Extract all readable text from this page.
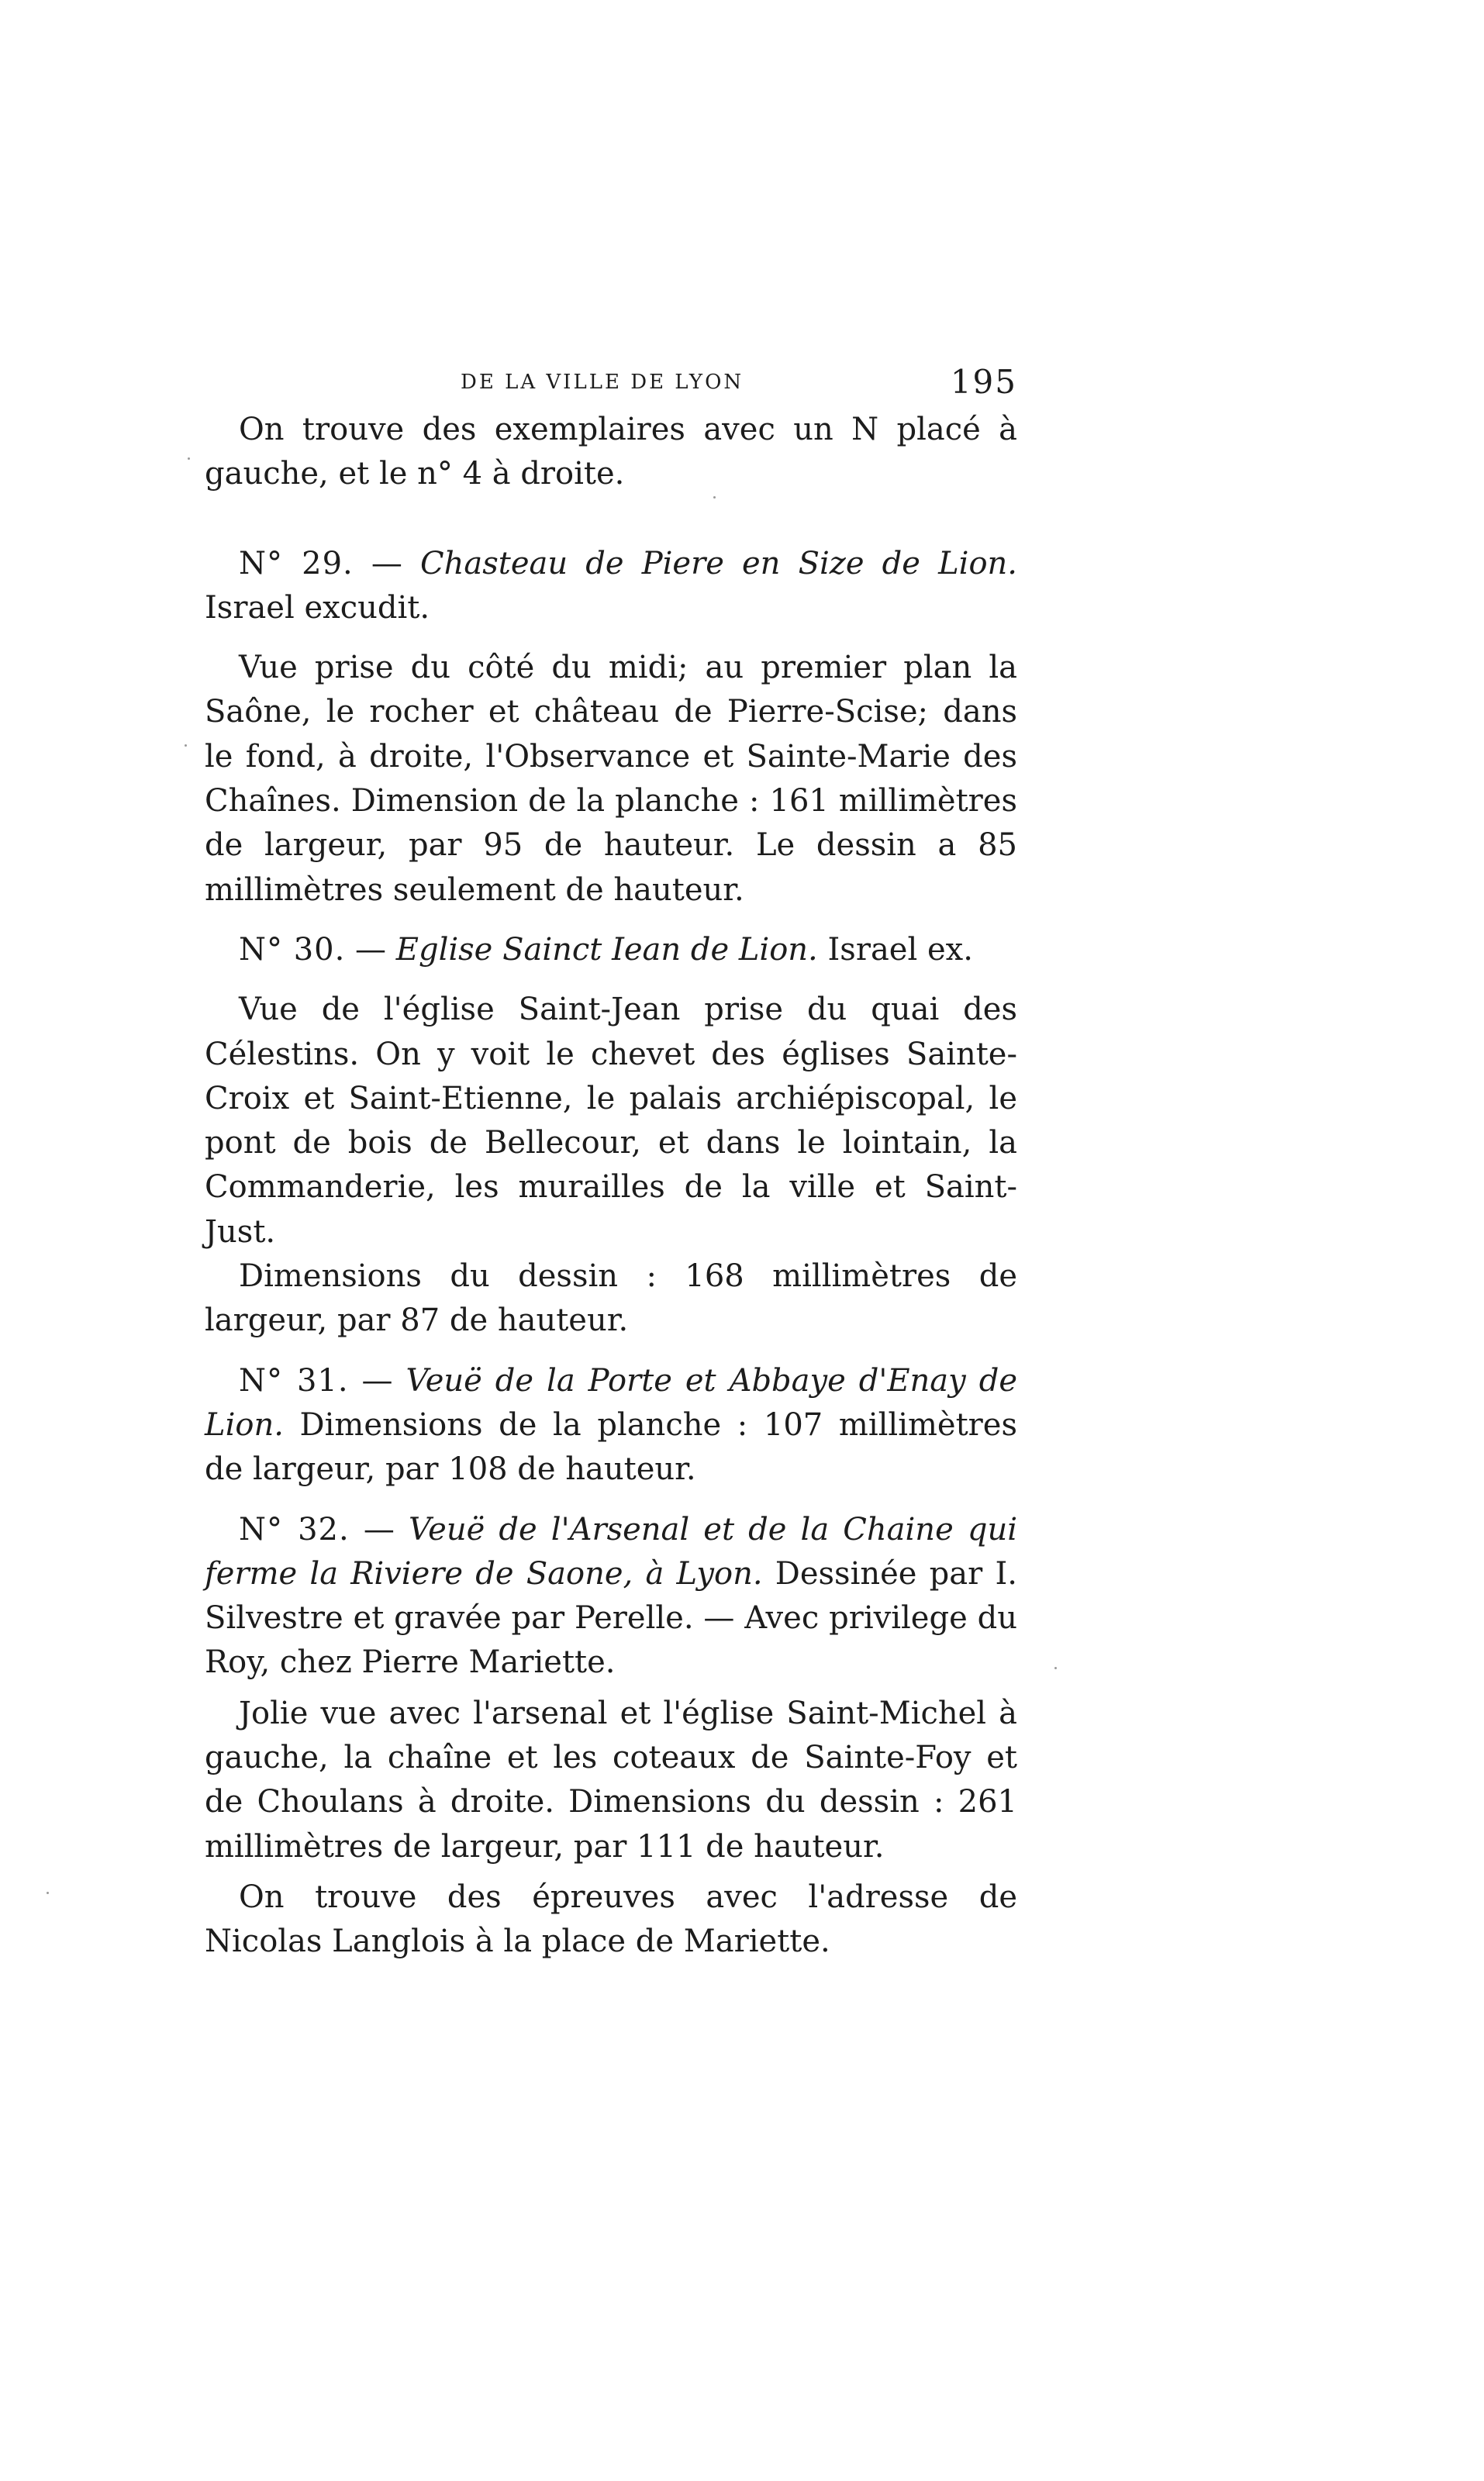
DE LA VILLE DE LYON	195

On trouve des exemplaires avec un N placé à gauche, et le n° 4 à droite.

N° 29. — Chasteau de Piere en Size de Lion. Israel excudit.

Vue prise du côté du midi; au premier plan la Saône, le rocher et château de Pierre-Scise; dans le fond, à droite, l'Observance et Sainte-Marie des Chaînes. Dimension de la planche : 161 millimètres de largeur, par 95 de hauteur. Le dessin a 85 millimètres seulement de hauteur.

N° 30. — Eglise Sainct Iean de Lion. Israel ex.

Vue de l'église Saint-Jean prise du quai des Célestins. On y voit le chevet des églises Sainte-Croix et Saint-Etienne, le palais archiépiscopal, le pont de bois de Bellecour, et dans le lointain, la Commanderie, les murailles de la ville et Saint-Just.

Dimensions du dessin : 168 millimètres de largeur, par 87 de hauteur.

N° 31. — Veuë de la Porte et Abbaye d'Enay de Lion. Dimensions de la planche : 107 millimètres de largeur, par 108 de hauteur.

N° 32. — Veuë de l'Arsenal et de la Chaine qui ferme la Riviere de Saone, à Lyon. Dessinée par I. Silvestre et gravée par Perelle. — Avec privilege du Roy, chez Pierre Mariette.

Jolie vue avec l'arsenal et l'église Saint-Michel à gauche, la chaîne et les coteaux de Sainte-Foy et de Choulans à droite. Dimensions du dessin : 261 millimètres de largeur, par 111 de hauteur.

On trouve des épreuves avec l'adresse de Nicolas Langlois à la place de Mariette.
